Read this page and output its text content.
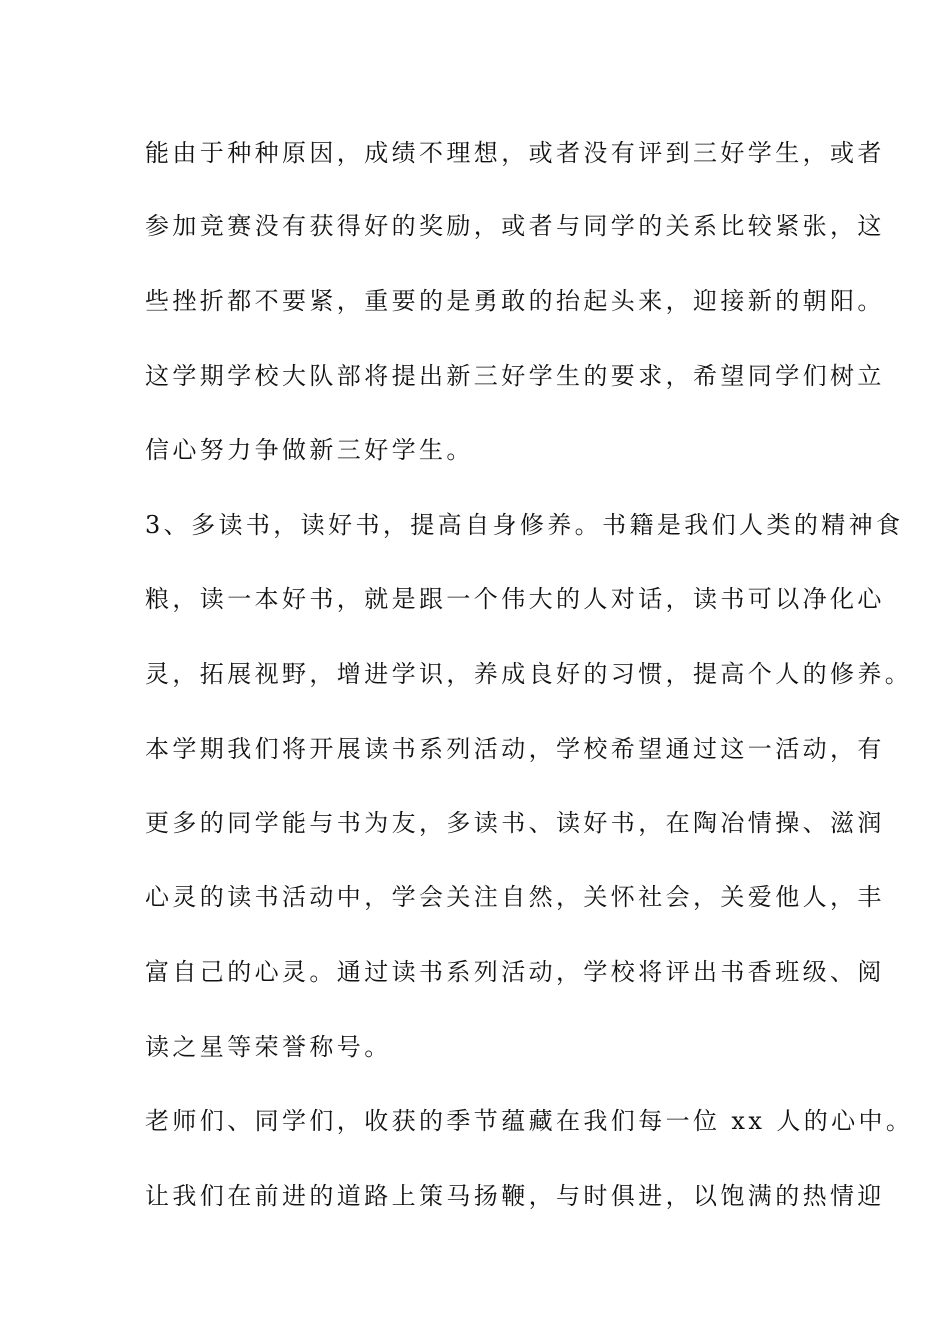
能由于种种原因，成绩不理想，或者没有评到三好学生，或者
参加竞赛没有获得好的奖励，或者与同学的关系比较紧张，这
些挫折都不要紧，重要的是勇敢的抬起头来，迎接新的朝阳。
这学期学校大队部将提出新三好学生的要求，希望同学们树立
信心努力争做新三好学生。
3、多读书，读好书，提高自身修养。书籍是我们人类的精神食
粮，读一本好书，就是跟一个伟大的人对话，读书可以净化心
灵，拓展视野，增进学识，养成良好的习惯，提高个人的修养。
本学期我们将开展读书系列活动，学校希望通过这一活动，有
更多的同学能与书为友，多读书、读好书，在陶冶情操、滋润
心灵的读书活动中，学会关注自然，关怀社会，关爱他人，丰
富自己的心灵。通过读书系列活动，学校将评出书香班级、阅
读之星等荣誉称号。
老师们、同学们，收获的季节蕴藏在我们每一位 xx 人的心中。
让我们在前进的道路上策马扬鞭，与时俱进，以饱满的热情迎
